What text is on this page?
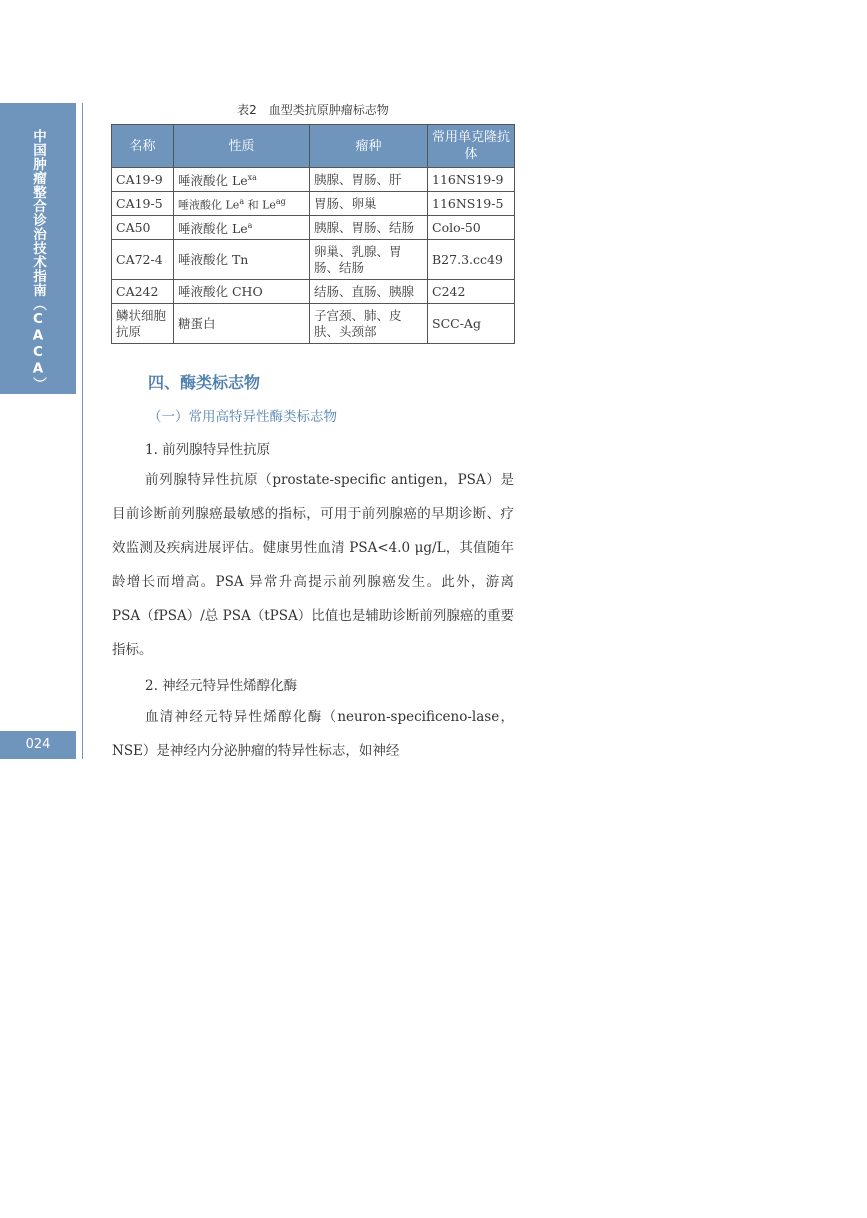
中国肿瘤整合诊治技术指南（CACA）
024
表2　血型类抗原肿瘤标志物
名称	性质	瘤种	常用单克隆抗体
CA19-9	唾液酸化 $Le^{xa}$	胰腺、胃肠、肝	116NS19-9
CA19-5	唾液酸化 Le$^a$ 和 $Le^{ag}$	胃肠、卵巢	116NS19-5
CA50	唾液酸化 Le$^a$	胰腺、胃肠、结肠	Colo-50
CA72-4	唾液酸化 Tn	卵巢、乳腺、胃肠、结肠	B27.3.cc49
CA242	唾液酸化 CHO	结肠、直肠、胰腺	C242
鳞状细胞抗原	糖蛋白	子宫颈、肺、皮肤、头颈部	SCC-Ag
四、酶类标志物
（一）常用高特异性酶类标志物
1. 前列腺特异性抗原

前列腺特异性抗原（prostate-specific antigen，PSA）是目前诊断前列腺癌最敏感的指标，可用于前列腺癌的早期诊断、疗效监测及疾病进展评估。健康男性血清 PSA<4.0 μg/L，其值随年龄增长而增高。PSA 异常升高提示前列腺癌发生。此外，游离 PSA（fPSA）/总 PSA（tPSA）比值也是辅助诊断前列腺癌的重要指标。

2. 神经元特异性烯醇化酶

血清神经元特异性烯醇化酶（neuron-specificeno-lase，NSE）是神经内分泌肿瘤的特异性标志，如神经
